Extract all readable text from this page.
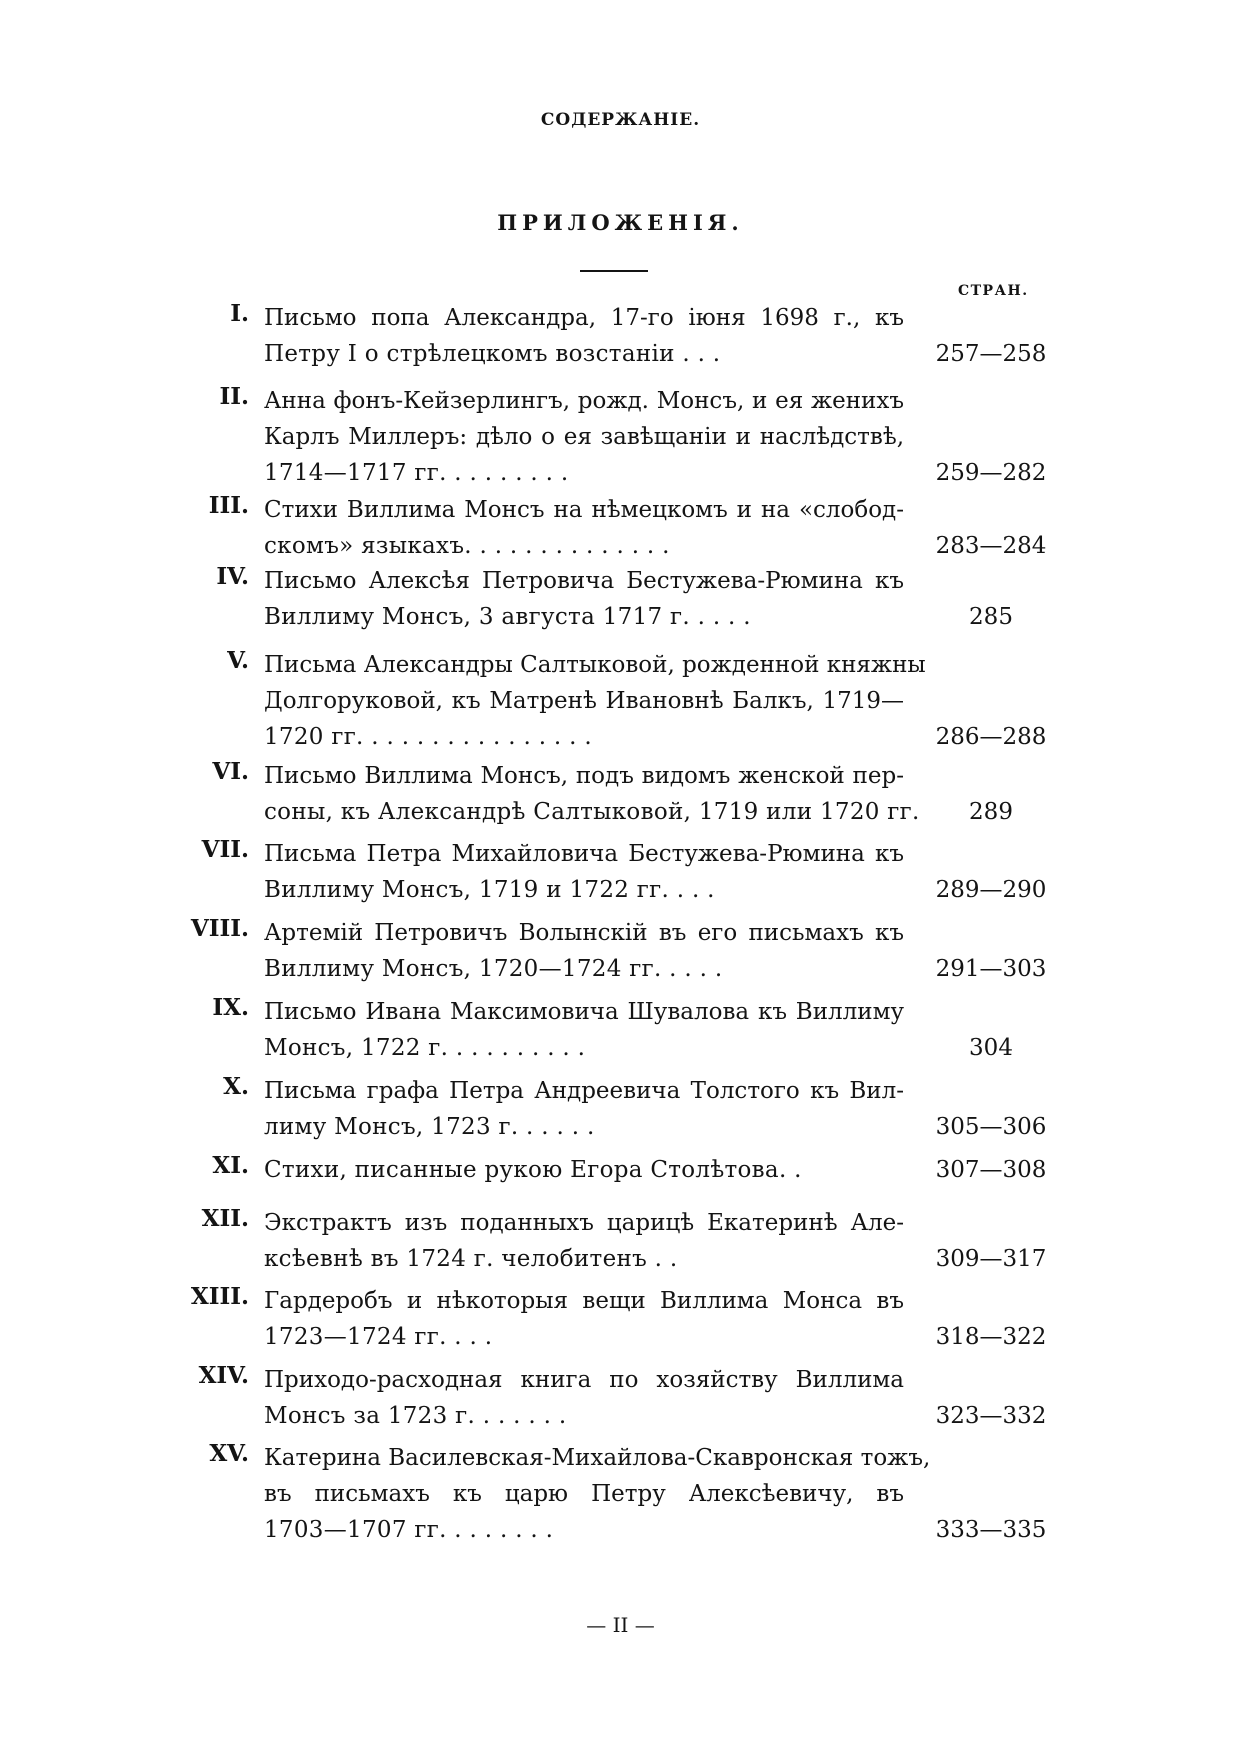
СОДЕРЖАНІЕ.
ПРИЛОЖЕНІЯ.
СТРАН.
I. Письмо попа Александра, 17-го іюня 1698 г., къ
Петру I о стрѣлецкомъ возстаніи . . .	257—258
II. Анна фонъ-Кейзерлингъ, рожд. Монсъ, и ея женихъ
Карлъ Миллеръ: дѣло о ея завѣщаніи и наслѣдствѣ,
1714—1717 гг. . . . . . . . .	259—282
III. Стихи Виллима Монсъ на нѣмецкомъ и на «слобод-
скомъ» языкахъ. . . . . . . . . . . . . .	283—284
IV. Письмо Алексѣя Петровича Бестужева-Рюмина къ
Виллиму Монсъ, 3 августа 1717 г. . . . .	285
V. Письма Александры Салтыковой, рожденной княжны
Долгоруковой, къ Матренѣ Ивановнѣ Балкъ, 1719—
1720 гг. . . . . . . . . . . . . . . .	286—288
VI. Письмо Виллима Монсъ, подъ видомъ женской пер-
соны, къ Александрѣ Салтыковой, 1719 или 1720 гг.	289
VII. Письма Петра Михайловича Бестужева-Рюмина къ
Виллиму Монсъ, 1719 и 1722 гг. . . .	289—290
VIII. Артемій Петровичъ Волынскій въ его письмахъ къ
Виллиму Монсъ, 1720—1724 гг. . . . .	291—303
IX. Письмо Ивана Максимовича Шувалова къ Виллиму
Монсъ, 1722 г. . . . . . . . . .	304
X. Письма графа Петра Андреевича Толстого къ Вил-
лиму Монсъ, 1723 г. . . . . .	305—306
XI. Стихи, писанные рукою Егора Столѣтова. .	307—308
XII. Экстрактъ изъ поданныхъ царицѣ Екатеринѣ Але-
ксѣевнѣ въ 1724 г. челобитенъ . .	309—317
XIII. Гардеробъ и нѣкоторыя вещи Виллима Монса въ
1723—1724 гг. . . .	318—322
XIV. Приходо-расходная книга по хозяйству Виллима
Монсъ за 1723 г. . . . . . .	323—332
XV. Катерина Василевская-Михайлова-Скавронская тожъ,
въ письмахъ къ царю Петру Алексѣевичу, въ
1703—1707 гг. . . . . . . .	333—335
— II —
